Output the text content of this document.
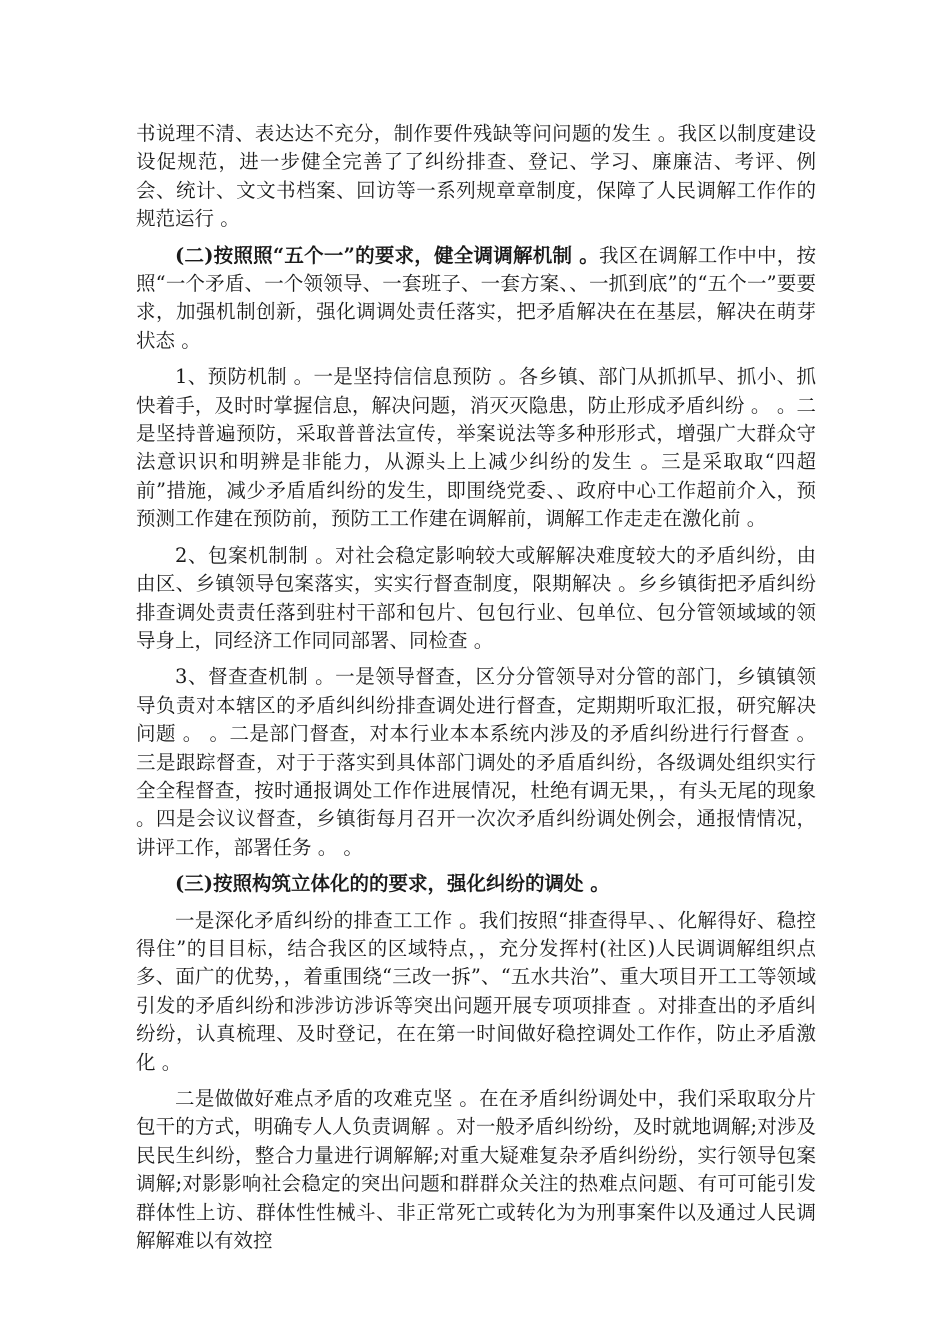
书说理不清、表达达不充分，制作要件残缺等问问题的发生 。我区以制度建设设促规范，进一步健全完善了了纠纷排查、登记、学习、廉廉洁、考评、例会、统计、文文书档案、回访等一系列规章章制度，保障了人民调解工作作的规范运行 。

(二)按照照“五个一”的要求，健全调调解机制 。我区在调解工作中中，按照“一个矛盾、一个领领导、一套班子、一套方案、、一抓到底”的“五个一”要要求，加强机制创新，强化调调处责任落实，把矛盾解决在在基层，解决在萌芽状态 。

1、预防机制 。一是坚持信信息预防 。各乡镇、部门从抓抓早、抓小、抓快着手，及时时掌握信息，解决问题，消灭灭隐患，防止形成矛盾纠纷 。 。二是坚持普遍预防，采取普普法宣传，举案说法等多种形形式，增强广大群众守法意识识和明辨是非能力，从源头上上减少纠纷的发生 。三是采取取“四超前”措施，减少矛盾盾纠纷的发生，即围绕党委、、政府中心工作超前介入，预预测工作建在预防前，预防工工作建在调解前，调解工作走走在激化前 。

2、包案机制制 。对社会稳定影响较大或解解决难度较大的矛盾纠纷，由由区、乡镇领导包案落实，实实行督查制度，限期解决 。乡乡镇街把矛盾纠纷排查调处责责任落到驻村干部和包片、包包行业、包单位、包分管领域域的领导身上，同经济工作同同部署、同检查 。

3、督查查机制 。一是领导督查，区分分管领导对分管的部门，乡镇镇领导负责对本辖区的矛盾纠纠纷排查调处进行督查，定期期听取汇报，研究解决问题 。 。二是部门督查，对本行业本本系统内涉及的矛盾纠纷进行行督查 。三是跟踪督查，对于于落实到具体部门调处的矛盾盾纠纷，各级调处组织实行全全程督查，按时通报调处工作作进展情况，杜绝有调无果，，有头无尾的现象 。四是会议议督查，乡镇街每月召开一次次矛盾纠纷调处例会，通报情情况，讲评工作，部署任务 。 。

(三)按照构筑立体化的的要求，强化纠纷的调处 。

一是深化矛盾纠纷的排查工工作 。我们按照“排查得早、、化解得好、稳控得住”的目目标，结合我区的区域特点，，充分发挥村(社区)人民调调解组织点多、面广的优势，，着重围绕“三改一拆”、“五水共治”、重大项目开工工等领域引发的矛盾纠纷和涉涉访涉诉等突出问题开展专项项排查 。对排查出的矛盾纠纷纷，认真梳理、及时登记，在在第一时间做好稳控调处工作作，防止矛盾激化 。

二是做做好难点矛盾的攻难克坚 。在在矛盾纠纷调处中，我们采取取分片包干的方式，明确专人人负责调解 。对一般矛盾纠纷纷，及时就地调解;对涉及民民生纠纷，整合力量进行调解解;对重大疑难复杂矛盾纠纷纷，实行领导包案调解;对影影响社会稳定的突出问题和群群众关注的热难点问题、有可可能引发群体性上访、群体性性械斗、非正常死亡或转化为为刑事案件以及通过人民调解解难以有效控
